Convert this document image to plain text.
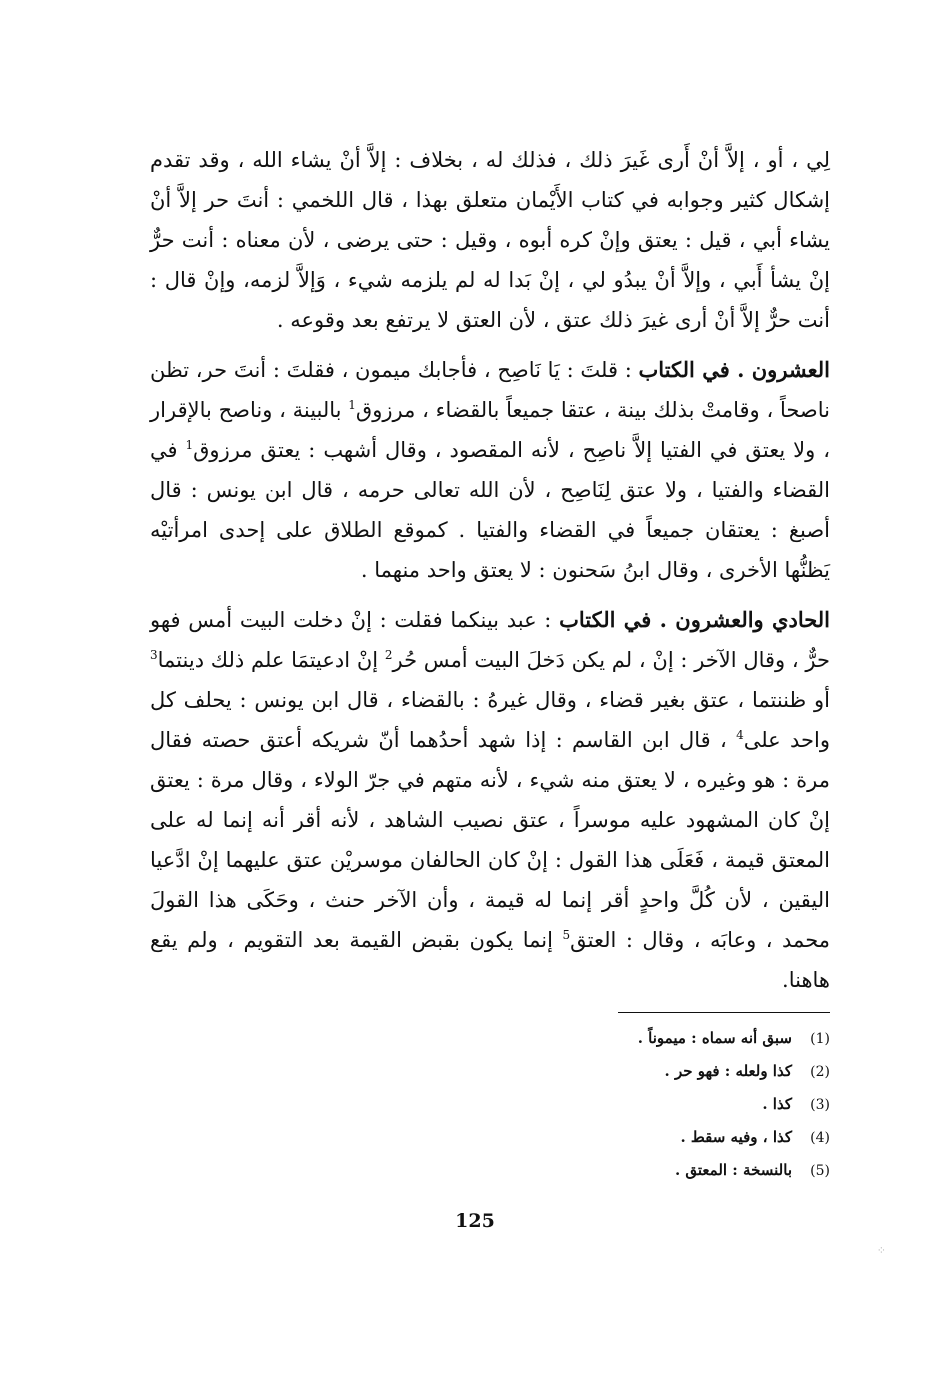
لِي ، أو ، إلاَّ أنْ أَرى غَيرَ ذلك ، فذلك له ، بخلاف : إلاَّ أنْ يشاء الله ، وقد تقدم إشكال كثير وجوابه في كتاب الأَيْمان متعلق بهذا ، قال اللخمي : أنتَ حر إلاَّ أنْ يشاء أبي ، قيل : يعتق وإنْ كره أبوه ، وقيل : حتى يرضى ، لأن معناه : أنت حرٌّ إنْ يشأ أَبي ، وإلاَّ أنْ يبدُو لي ، إنْ بَدا له لم يلزمه شيء ، وَإلاَّ لزمه، وإنْ قال : أنت حرٌّ إلاَّ أنْ أرى غيرَ ذلك عتق ، لأن العتق لا يرتفع بعد وقوعه .

العشرون . في الكتاب : قلتَ : يَا نَاصِح ، فأجابك ميمون ، فقلتَ : أنتَ حر، تظن ناصحاً ، وقامتْ بذلك بينة ، عتقا جميعاً بالقضاء ، مرزوق$^1$ بالبينة ، وناصح بالإقرار ، ولا يعتق في الفتيا إلاَّ ناصِح ، لأنه المقصود ، وقال أشهب : يعتق مرزوق$^1$ في القضاء والفتيا ، ولا عتق لِنَاصِح ، لأن الله تعالى حرمه ، قال ابن يونس : قال أصبغ : يعتقان جميعاً في القضاء والفتيا . كموقع الطلاق على إحدى امرأتيْه يَظنُّها الأخرى ، وقال ابنُ سَحنون : لا يعتق واحد منهما .

الحادي والعشرون . في الكتاب : عبد بينكما فقلت : إنْ دخلت البيت أمس فهو حرٌّ ، وقال الآخر : إنْ ، لم يكن دَخلَ البيت أمس حُر$^2$ إنْ ادعيتمَا علم ذلك دينتما$^3$ أو ظننتما ، عتق بغير قضاء ، وقال غيرهُ : بالقضاء ، قال ابن يونس : يحلف كل واحد على$^4$ ، قال ابن القاسم : إذا شهد أحدُهما أنّ شريكه أعتق حصته فقال مرة : هو وغيره ، لا يعتق منه شيء ، لأنه متهم في جرّ الولاء ، وقال مرة : يعتق إنْ كان المشهود عليه موسراً ، عتق نصيب الشاهد ، لأنه أقر أنه إنما له على المعتق قيمة ، فَعَلَى هذا القول : إنْ كان الحالفان موسريْن عتق عليهما إنْ ادَّعيا اليقين ، لأن كُلَّ واحدٍ أقر إنما له قيمة ، وأن الآخر حنث ، وحَكَى هذا القولَ محمد ، وعابَه ، وقال : العتق$^5$ إنما يكون بقبض القيمة بعد التقويم ، ولم يقع هاهنا.

(1)
سبق أنه سماه : ميموناً .
(2)
كذا ولعله : فهو حر .
(3)
كذا .
(4)
كذا ، وفيه سقط .
(5)
بالنسخة : المعتق .
125
⁘
